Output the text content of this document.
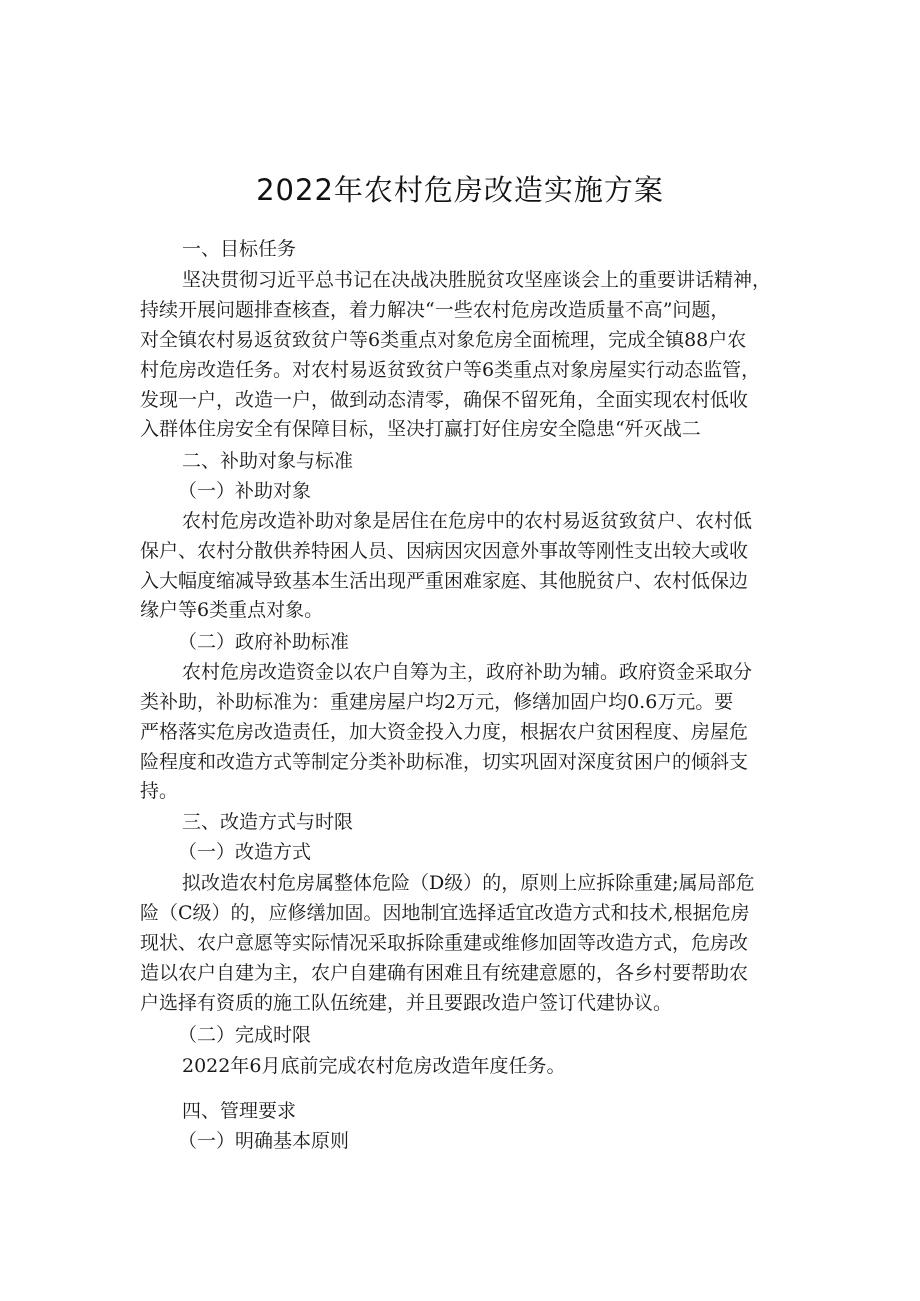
2022年农村危房改造实施方案
一、目标任务
坚决贯彻习近平总书记在决战决胜脱贫攻坚座谈会上的重要讲话精神，
持续开展问题排查核查，着力解决“一些农村危房改造质量不高”问题，
对全镇农村易返贫致贫户等6类重点对象危房全面梳理，完成全镇88户农
村危房改造任务。对农村易返贫致贫户等6类重点对象房屋实行动态监管，
发现一户，改造一户，做到动态清零，确保不留死角，全面实现农村低收
入群体住房安全有保障目标，坚决打赢打好住房安全隐患“歼灭战二
二、补助对象与标准
（一）补助对象
农村危房改造补助对象是居住在危房中的农村易返贫致贫户、农村低
保户、农村分散供养特困人员、因病因灾因意外事故等刚性支出较大或收
入大幅度缩减导致基本生活出现严重困难家庭、其他脱贫户、农村低保边
缘户等6类重点对象。
（二）政府补助标准
农村危房改造资金以农户自筹为主，政府补助为辅。政府资金采取分
类补助，补助标准为：重建房屋户均2万元，修缮加固户均0.6万元。要
严格落实危房改造责任，加大资金投入力度，根据农户贫困程度、房屋危
险程度和改造方式等制定分类补助标准，切实巩固对深度贫困户的倾斜支
持。
三、改造方式与时限
（一）改造方式
拟改造农村危房属整体危险（D级）的，原则上应拆除重建;属局部危
险（C级）的，应修缮加固。因地制宜选择适宜改造方式和技术,根据危房
现状、农户意愿等实际情况采取拆除重建或维修加固等改造方式，危房改
造以农户自建为主，农户自建确有困难且有统建意愿的，各乡村要帮助农
户选择有资质的施工队伍统建，并且要跟改造户签订代建协议。
（二）完成时限
2022年6月底前完成农村危房改造年度任务。
四、管理要求
（一）明确基本原则
